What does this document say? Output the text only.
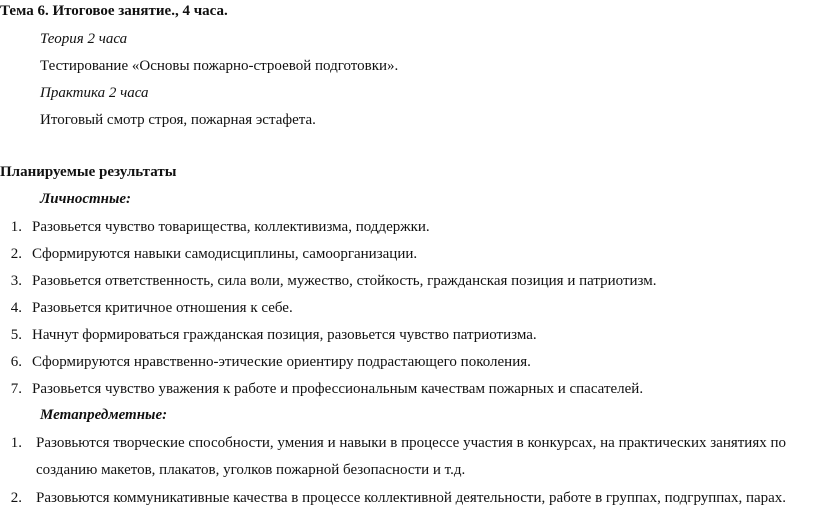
Тема 6. Итоговое занятие., 4 часа.
Теория 2 часа
Тестирование «Основы пожарно-строевой подготовки».
Практика 2 часа
Итоговый смотр строя, пожарная эстафета.
Планируемые результаты
Личностные:
1. Разовьется чувство товарищества, коллективизма, поддержки.
2. Сформируются навыки самодисциплины, самоорганизации.
3. Разовьется ответственность, сила воли, мужество, стойкость, гражданская позиция и патриотизм.
4. Разовьется критичное отношения к себе.
5. Начнут формироваться гражданская позиция, разовьется чувство патриотизма.
6. Сформируются нравственно-этические ориентиру подрастающего поколения.
7. Разовьется чувство уважения к работе и профессиональным качествам пожарных и спасателей.
Метапредметные:
1. Разовьются творческие способности, умения и навыки в процессе участия в конкурсах, на практических занятиях по
созданию макетов, плакатов, уголков пожарной безопасности и т.д.
2. Разовьются коммуникативные качества в процессе коллективной деятельности, работе в группах, подгруппах, парах.
